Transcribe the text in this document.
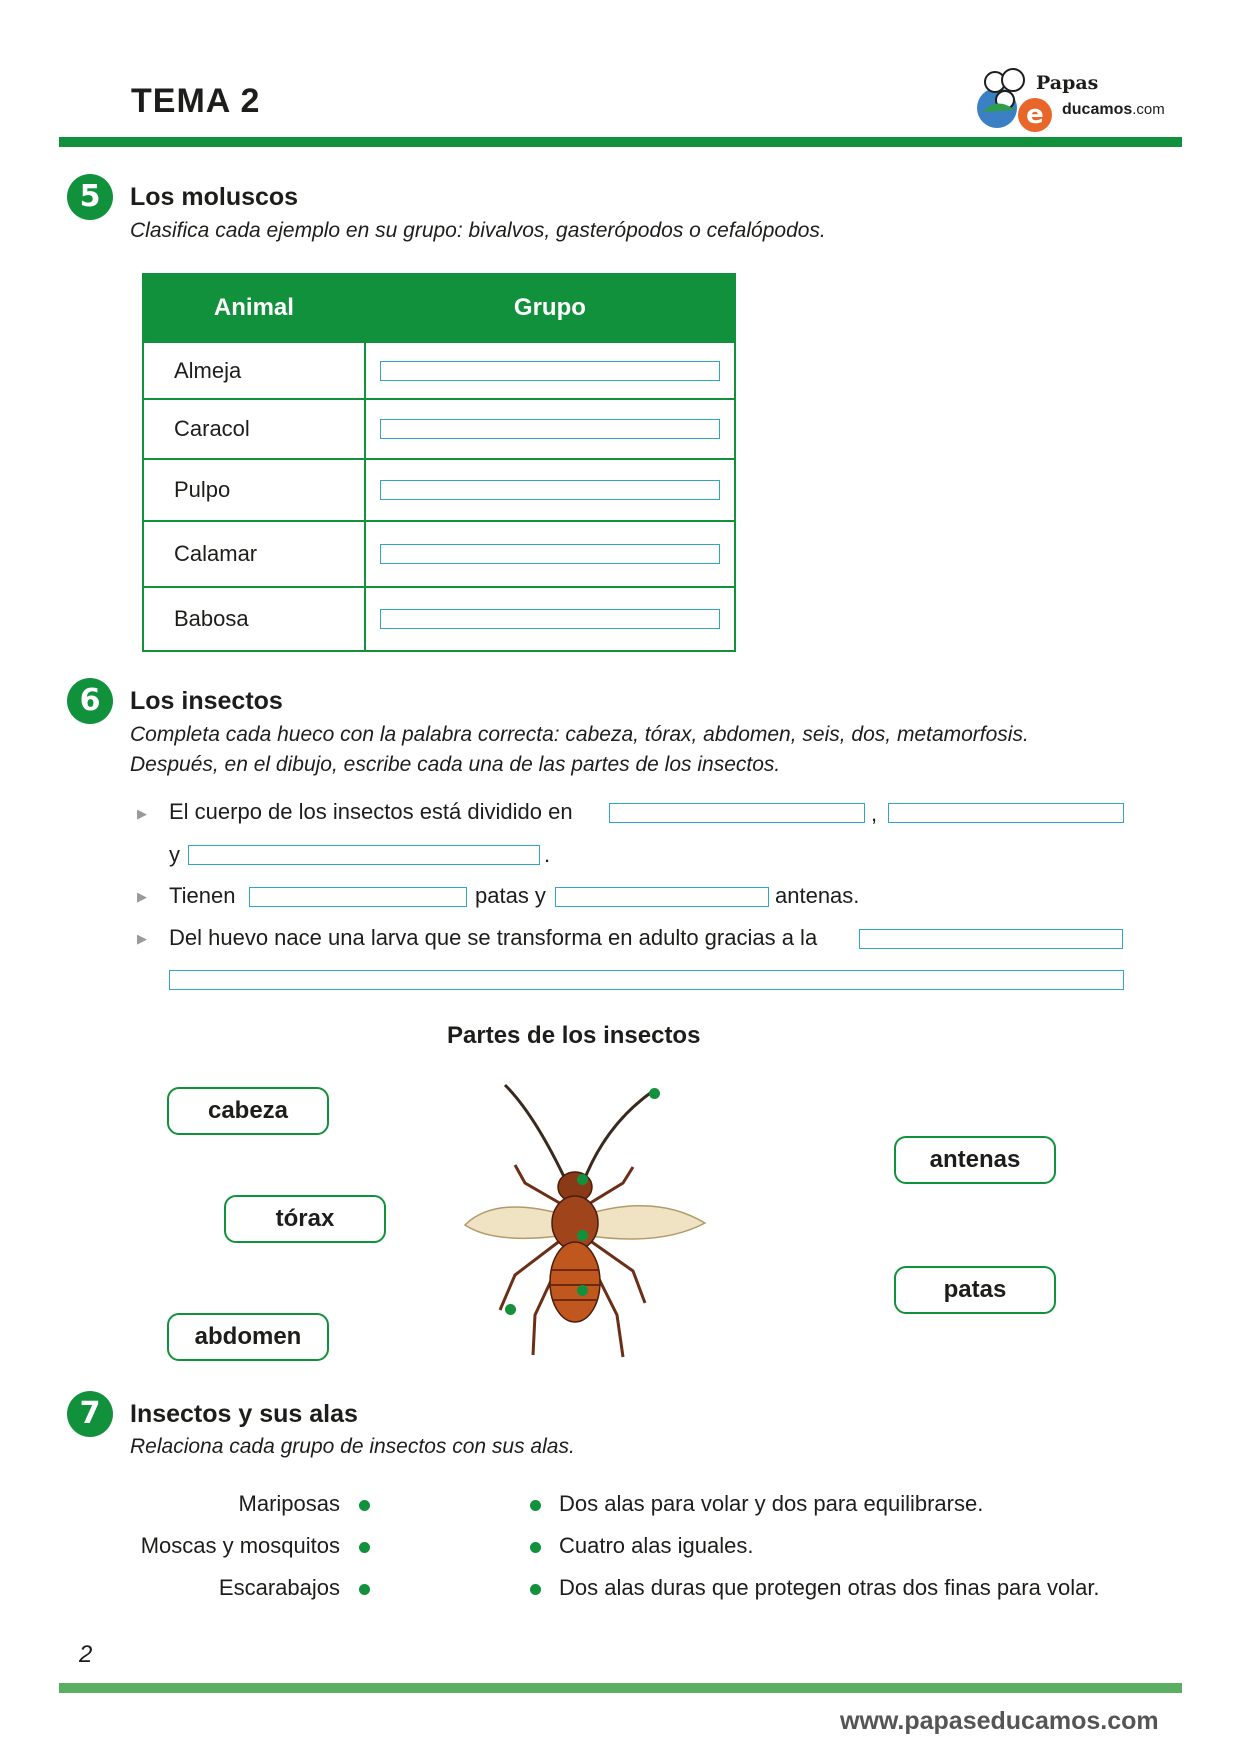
TEMA 2	e
Papas
ducamos.com
5	Los moluscos
Clasifica cada ejemplo en su grupo: bivalvos, gasterópodos o cefalópodos.
Animal	Grupo
Almeja	

Caracol	

Pulpo	

Calamar	

Babosa	
6	Los insectos
Completa cada hueco con la palabra correcta: cabeza, tórax, abdomen, seis, dos, metamorfosis.
Después, en el dibujo, escribe cada una de las partes de los insectos.
▶ El cuerpo de los insectos está dividido en	,
y	.
▶ Tienen	patas y	antenas.
▶ Del huevo nace una larva que se transforma en adulto gracias a la
Partes de los insectos
cabeza
tórax
abdomen
antenas
patas
7	Insectos y sus alas
Relaciona cada grupo de insectos con sus alas.
Mariposas
Moscas y mosquitos
Escarabajos
Dos alas para volar y dos para equilibrarse.
Cuatro alas iguales.
Dos alas duras que protegen otras dos finas para volar.
2
www.papaseducamos.com
